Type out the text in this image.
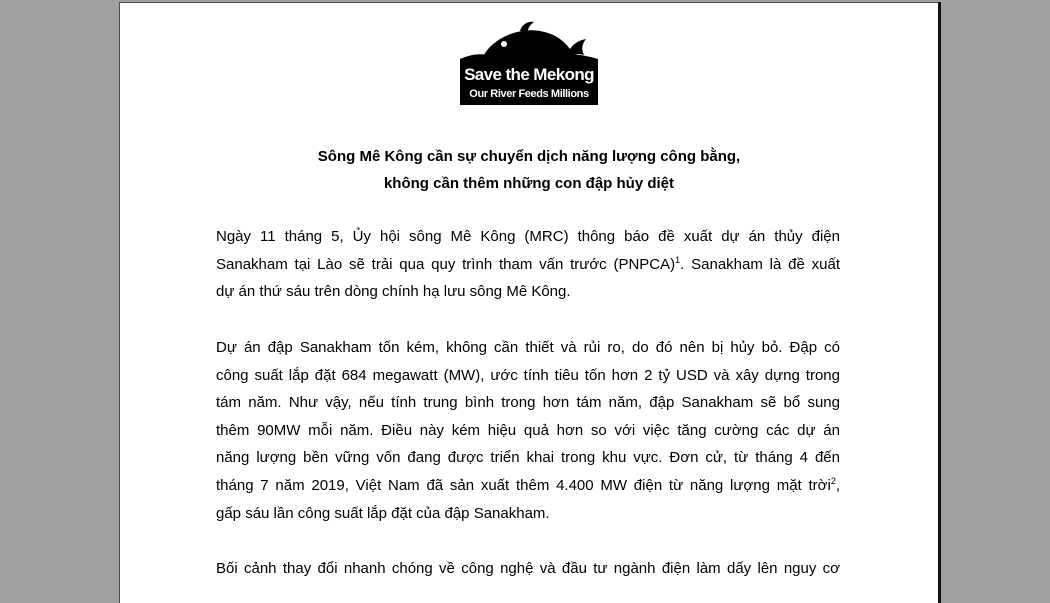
Save the Mekong
Our River Feeds Millions
Sông Mê Kông cần sự chuyển dịch năng lượng công bằng,
không cần thêm những con đập hủy diệt
Ngày 11 tháng 5, Ủy hội sông Mê Kông (MRC) thông báo đề xuất dự án thủy điện
Sanakham tại Lào sẽ trải qua quy trình tham vấn trước (PNPCA)$^1$. Sanakham là đề xuất
dự án thứ sáu trên dòng chính hạ lưu sông Mê Kông.
Dự án đập Sanakham tốn kém, không cần thiết và rủi ro, do đó nên bị hủy bỏ. Đập có
công suất lắp đặt 684 megawatt (MW), ước tính tiêu tốn hơn 2 tỷ USD và xây dựng trong
tám năm. Như vậy, nếu tính trung bình trong hơn tám năm, đập Sanakham sẽ bổ sung
thêm 90MW mỗi năm. Điều này kém hiệu quả hơn so với việc tăng cường các dự án
năng lượng bền vững vốn đang được triển khai trong khu vực. Đơn cử, từ tháng 4 đến
tháng 7 năm 2019, Việt Nam đã sản xuất thêm 4.400 MW điện từ năng lượng mặt trời$^2$,
gấp sáu lần công suất lắp đặt của đập Sanakham.
Bối cảnh thay đổi nhanh chóng về công nghệ và đầu tư ngành điện làm dấy lên nguy cơ
